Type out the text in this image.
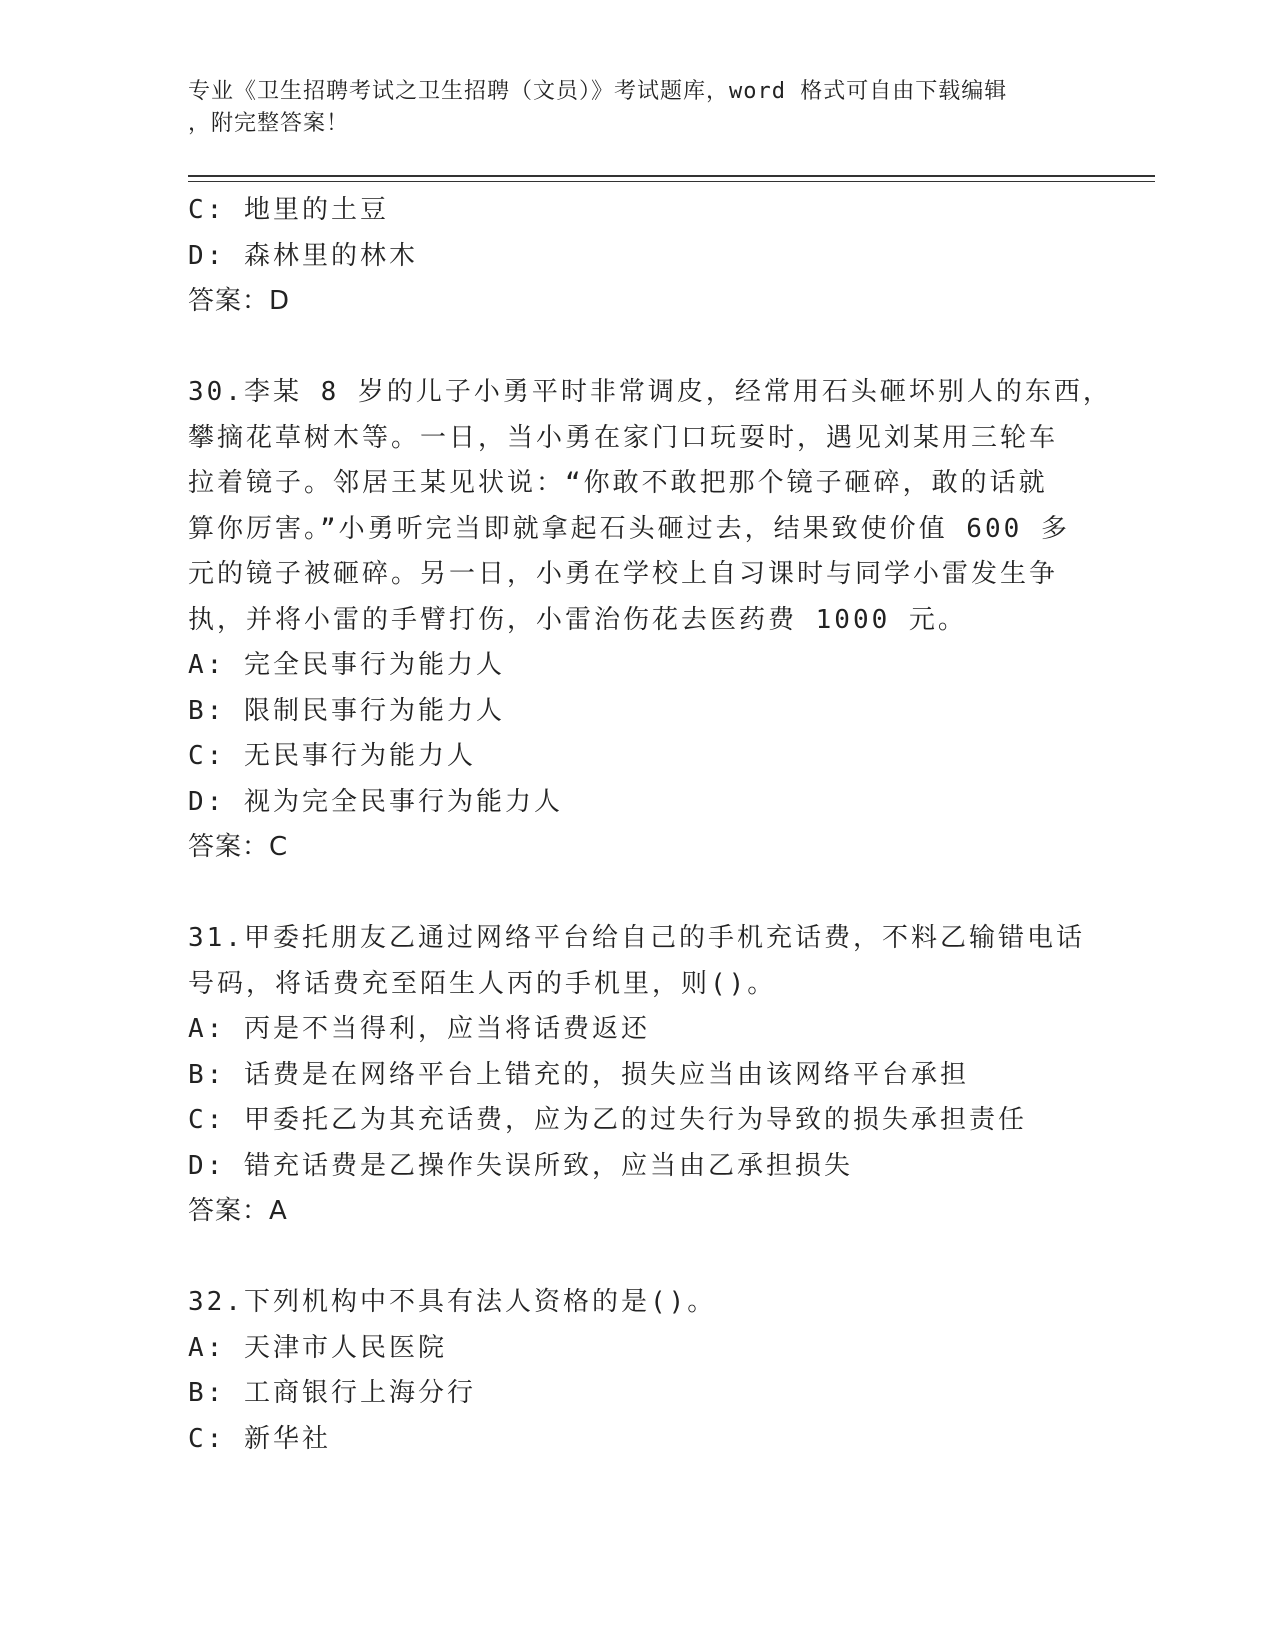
专业《卫生招聘考试之卫生招聘（文员）》考试题库，word 格式可自由下载编辑
，附完整答案！
C: 地里的土豆
D: 森林里的林木
答案：D
30.李某 8 岁的儿子小勇平时非常调皮，经常用石头砸坏别人的东西，
攀摘花草树木等。一日，当小勇在家门口玩耍时，遇见刘某用三轮车
拉着镜子。邻居王某见状说：“你敢不敢把那个镜子砸碎，敢的话就
算你厉害。”小勇听完当即就拿起石头砸过去，结果致使价值 600 多
元的镜子被砸碎。另一日，小勇在学校上自习课时与同学小雷发生争
执，并将小雷的手臂打伤，小雷治伤花去医药费 1000 元。
A: 完全民事行为能力人
B: 限制民事行为能力人
C: 无民事行为能力人
D: 视为完全民事行为能力人
答案：C
31.甲委托朋友乙通过网络平台给自己的手机充话费，不料乙输错电话
号码，将话费充至陌生人丙的手机里，则()。
A: 丙是不当得利，应当将话费返还
B: 话费是在网络平台上错充的，损失应当由该网络平台承担
C: 甲委托乙为其充话费，应为乙的过失行为导致的损失承担责任
D: 错充话费是乙操作失误所致，应当由乙承担损失
答案：A
32.下列机构中不具有法人资格的是()。
A: 天津市人民医院
B: 工商银行上海分行
C: 新华社
